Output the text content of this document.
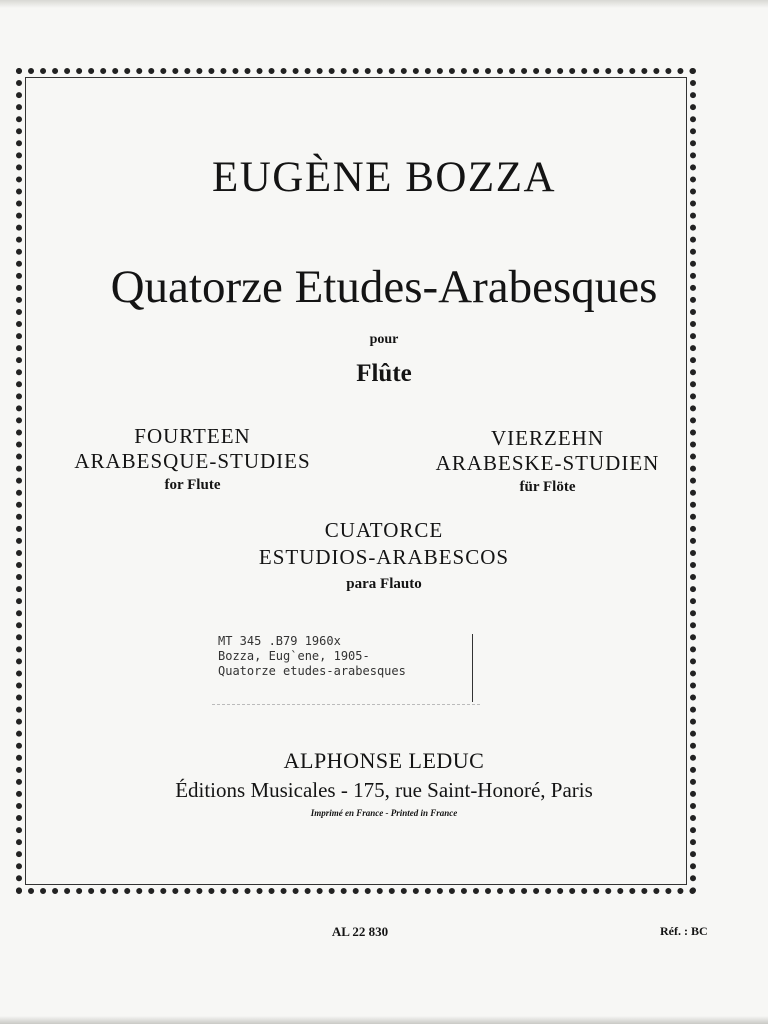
EUGÈNE BOZZA
Quatorze Etudes-Arabesques
pour
Flûte
FOURTEEN
ARABESQUE-STUDIES
for Flute
VIERZEHN
ARABESKE-STUDIEN
für Flöte
CUATORCE
ESTUDIOS-ARABESCOS
para Flauto
MT 345 .B79 1960x
Bozza, Eug`ene, 1905-
Quatorze etudes-arabesques
ALPHONSE LEDUC
Éditions Musicales - 175, rue Saint-Honoré, Paris
Imprimé en France - Printed in France
AL 22 830	Réf. : BC
